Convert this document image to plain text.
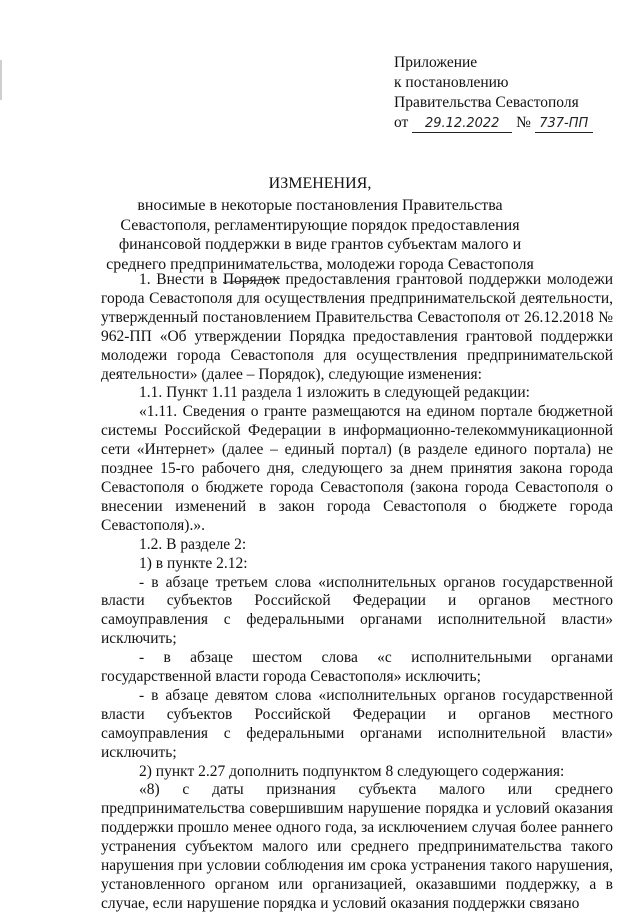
Приложение
к постановлению
Правительства Севастополя
от 29.12.2022 № 737-ПП
ИЗМЕНЕНИЯ,
вносимые в некоторые постановления Правительства Севастополя, регламентирующие порядок предоставления финансовой поддержки в виде грантов субъектам малого и среднего предпринимательства, молодежи города Севастополя

1. Внести в Порядок предоставления грантовой поддержки молодежи города Севастополя для осуществления предпринимательской деятельности, утвержденный постановлением Правительства Севастополя от 26.12.2018 № 962-ПП «Об утверждении Порядка предоставления грантовой поддержки молодежи города Севастополя для осуществления предпринимательской деятельности» (далее – Порядок), следующие изменения:

1.1. Пункт 1.11 раздела 1 изложить в следующей редакции:

«1.11. Сведения о гранте размещаются на едином портале бюджетной системы Российской Федерации в информационно-телекоммуникационной сети «Интернет» (далее – единый портал) (в разделе единого портала) не позднее 15-го рабочего дня, следующего за днем принятия закона города Севастополя о бюджете города Севастополя (закона города Севастополя о внесении изменений в закон города Севастополя о бюджете города Севастополя).».

1.2. В разделе 2:

1) в пункте 2.12:

- в абзаце третьем слова «исполнительных органов государственной власти субъектов Российской Федерации и органов местного самоуправления с федеральными органами исполнительной власти» исключить;

- в абзаце шестом слова «с исполнительными органами государственной власти города Севастополя» исключить;

- в абзаце девятом слова «исполнительных органов государственной власти субъектов Российской Федерации и органов местного самоуправления с федеральными органами исполнительной власти» исключить;

2) пункт 2.27 дополнить подпунктом 8 следующего содержания:

«8) с даты признания субъекта малого или среднего предпринимательства совершившим нарушение порядка и условий оказания поддержки прошло менее одного года, за исключением случая более раннего устранения субъектом малого или среднего предпринимательства такого нарушения при условии соблюдения им срока устранения такого нарушения, установленного органом или организацией, оказавшими поддержку, а в случае, если нарушение порядка и условий оказания поддержки связано
